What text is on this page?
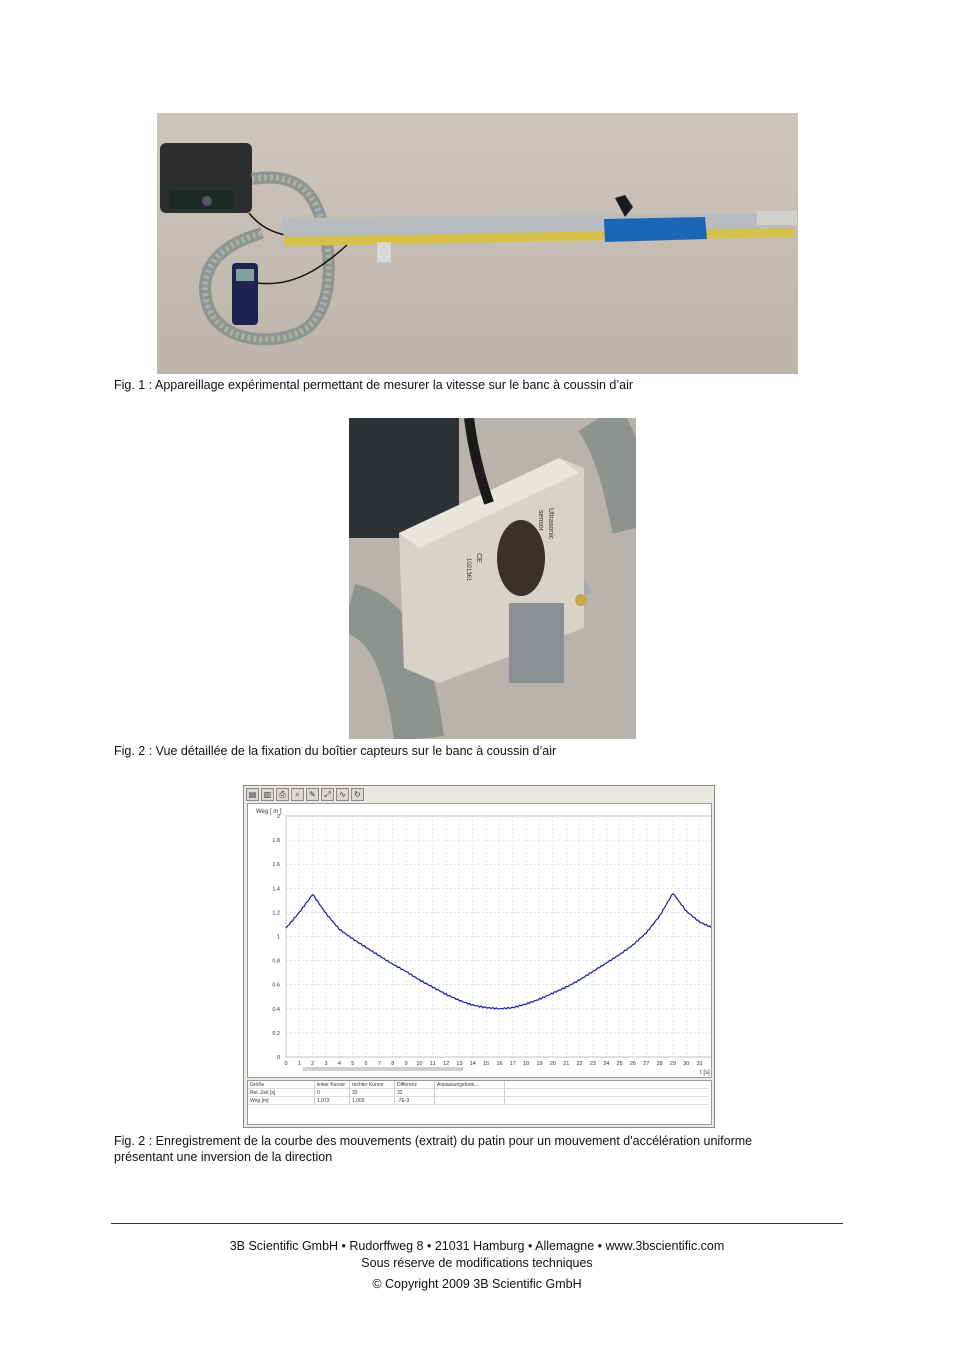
Fig. 1 : Appareillage expérimental permettant de mesurer la vitesse sur le banc à coussin d’air
Ultrasonic
sensor
CE
1021361
Fig. 2 : Vue détaillée de la fixation du boîtier capteurs sur le banc à coussin d’air
▤ ▥	⎙	⌕	✎	⤢	∿	↻
0
0.2
0.4
0.6
0.8
1
1.2
1.4
1.6
1.8
2
0 1 2 3 4 5 6 7 8 9 10 11 12 13 14 15 16 17 18 19 20 21 22 23 24 25 26 27 28 29 30 31
Weg [ m ]
t [s]
Größe	linker Kursor	rechter Kursor	Differenz	Anpassungsfunk...	
Rel. Zeit [s]	0	32	32		
Weg [m]	1.072	1.065	-7E-3		
Fig. 2 : Enregistrement de la courbe des mouvements (extrait) du patin pour un mouvement d'accélération uniforme
présentant une inversion de la direction
3B Scientific GmbH • Rudorffweg 8 • 21031 Hamburg • Allemagne • www.3bscientific.com
Sous réserve de modifications techniques
© Copyright 2009 3B Scientific GmbH
